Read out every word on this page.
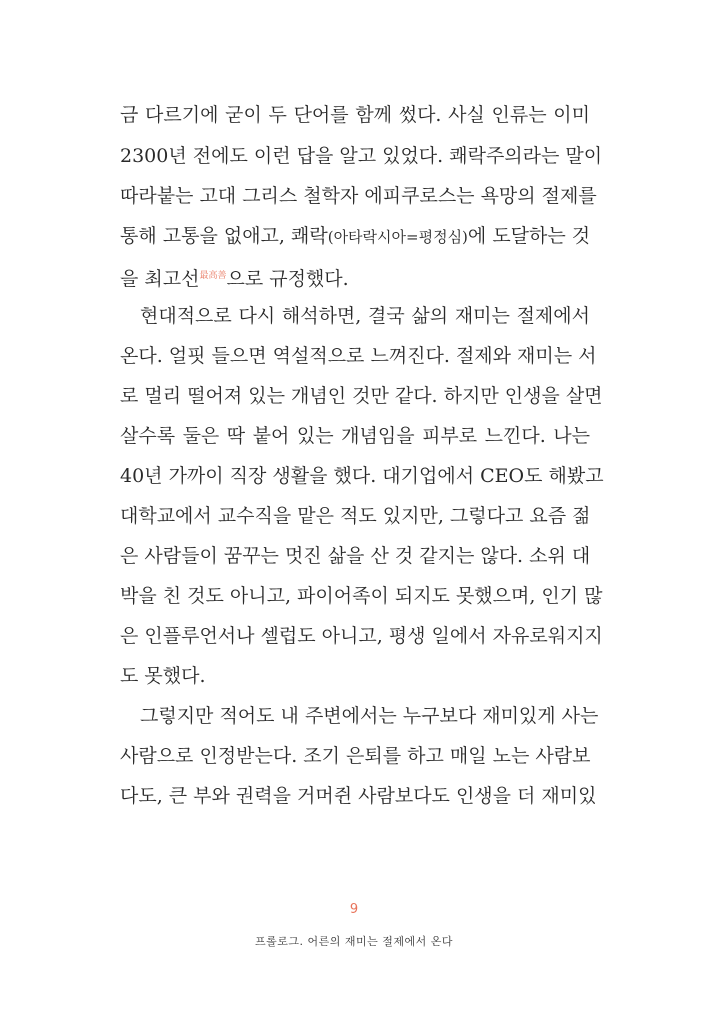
금 다르기에 굳이 두 단어를 함께 썼다. 사실 인류는 이미
2300년 전에도 이런 답을 알고 있었다. 쾌락주의라는 말이
따라붙는 고대 그리스 철학자 에피쿠로스는 욕망의 절제를
통해 고통을 없애고, 쾌락(아타락시아=평정심)에 도달하는 것
을 최고선$^{最高善}$으로 규정했다.
현대적으로 다시 해석하면, 결국 삶의 재미는 절제에서
온다. 얼핏 들으면 역설적으로 느껴진다. 절제와 재미는 서
로 멀리 떨어져 있는 개념인 것만 같다. 하지만 인생을 살면
살수록 둘은 딱 붙어 있는 개념임을 피부로 느낀다. 나는
40년 가까이 직장 생활을 했다. 대기업에서 CEO도 해봤고
대학교에서 교수직을 맡은 적도 있지만, 그렇다고 요즘 젊
은 사람들이 꿈꾸는 멋진 삶을 산 것 같지는 않다. 소위 대
박을 친 것도 아니고, 파이어족이 되지도 못했으며, 인기 많
은 인플루언서나 셀럽도 아니고, 평생 일에서 자유로워지지
도 못했다.
그렇지만 적어도 내 주변에서는 누구보다 재미있게 사는
사람으로 인정받는다. 조기 은퇴를 하고 매일 노는 사람보
다도, 큰 부와 권력을 거머쥔 사람보다도 인생을 더 재미있
9
프롤로그. 어른의 재미는 절제에서 온다
